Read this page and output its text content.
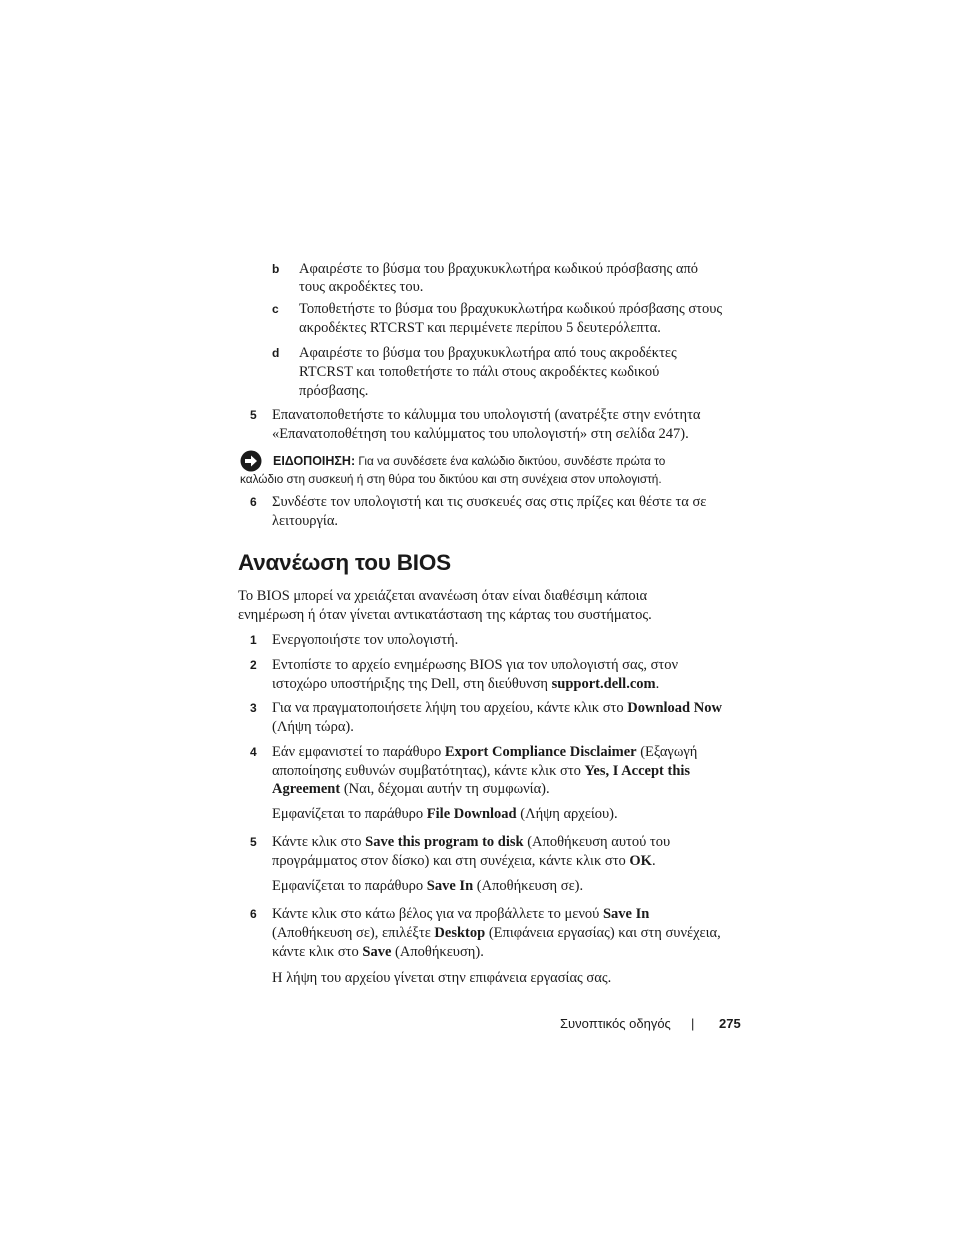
b Αφαιρέστε το βύσμα του βραχυκυκλωτήρα κωδικού πρόσβασης από
τους ακροδέκτες του.
c Τοποθετήστε το βύσμα του βραχυκυκλωτήρα κωδικού πρόσβασης στους
ακροδέκτες RTCRST και περιμένετε περίπου 5 δευτερόλεπτα.
d Αφαιρέστε το βύσμα του βραχυκυκλωτήρα από τους ακροδέκτες
RTCRST και τοποθετήστε το πάλι στους ακροδέκτες κωδικού
πρόσβασης.
5 Επανατοποθετήστε το κάλυμμα του υπολογιστή (ανατρέξτε στην ενότητα
«Επανατοποθέτηση του καλύμματος του υπολογιστή» στη σελίδα 247).
ΕΙΔΟΠΟΙΗΣΗ: Για να συνδέσετε ένα καλώδιο δικτύου, συνδέστε πρώτα το
καλώδιο στη συσκευή ή στη θύρα του δικτύου και στη συνέχεια στον υπολογιστή.
6 Συνδέστε τον υπολογιστή και τις συσκευές σας στις πρίζες και θέστε τα σε
λειτουργία.
Ανανέωση του BIOS
Το BIOS μπορεί να χρειάζεται ανανέωση όταν είναι διαθέσιμη κάποια
ενημέρωση ή όταν γίνεται αντικατάσταση της κάρτας του συστήματος.
1 Ενεργοποιήστε τον υπολογιστή.
2 Εντοπίστε το αρχείο ενημέρωσης BIOS για τον υπολογιστή σας, στον
ιστοχώρο υποστήριξης της Dell, στη διεύθυνση support.dell.com.
3 Για να πραγματοποιήσετε λήψη του αρχείου, κάντε κλικ στο Download Now
(Λήψη τώρα).
4 Εάν εμφανιστεί το παράθυρο Export Compliance Disclaimer (Εξαγωγή
αποποίησης ευθυνών συμβατότητας), κάντε κλικ στο Yes, I Accept this
Agreement (Ναι, δέχομαι αυτήν τη συμφωνία).
Εμφανίζεται το παράθυρο File Download (Λήψη αρχείου).
5 Κάντε κλικ στο Save this program to disk (Αποθήκευση αυτού του
προγράμματος στον δίσκο) και στη συνέχεια, κάντε κλικ στο OK.
Εμφανίζεται το παράθυρο Save In (Αποθήκευση σε).
6 Κάντε κλικ στο κάτω βέλος για να προβάλλετε το μενού Save In
(Αποθήκευση σε), επιλέξτε Desktop (Επιφάνεια εργασίας) και στη συνέχεια,
κάντε κλικ στο Save (Αποθήκευση).
Η λήψη του αρχείου γίνεται στην επιφάνεια εργασίας σας.
Συνοπτικός οδηγός | 275
